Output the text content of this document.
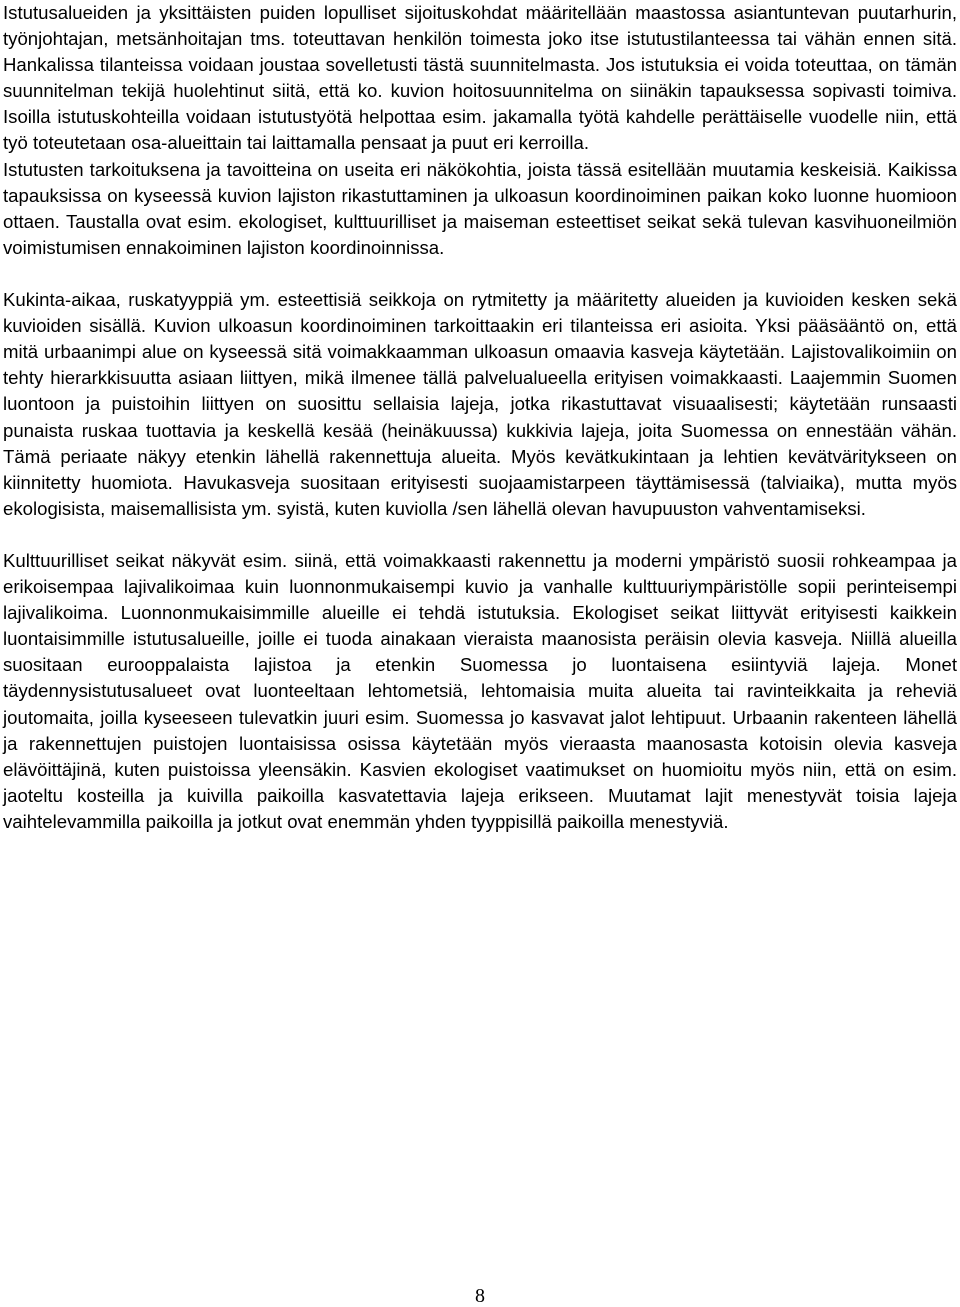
Istutusalueiden ja yksittäisten puiden lopulliset sijoituskohdat määritellään maastossa asiantuntevan puutarhurin, työnjohtajan, metsänhoitajan tms. toteuttavan henkilön toimesta joko itse istutustilanteessa tai vähän ennen sitä. Hankalissa tilanteissa voidaan joustaa sovelletusti tästä suunnitelmasta. Jos istutuksia ei voida toteuttaa, on tämän suunnitelman tekijä huolehtinut siitä, että ko. kuvion hoitosuunnitelma on siinäkin tapauksessa sopivasti toimiva. Isoilla istutuskohteilla voidaan istutustyötä helpottaa esim. jakamalla työtä kahdelle perättäiselle vuodelle niin, että työ toteutetaan osa-alueittain tai laittamalla pensaat ja puut eri kerroilla.
Istutusten tarkoituksena ja tavoitteina on useita eri näkökohtia, joista tässä esitellään muutamia keskeisiä. Kaikissa tapauksissa on kyseessä kuvion lajiston rikastuttaminen ja ulkoasun koordinoiminen paikan koko luonne huomioon ottaen. Taustalla ovat esim. ekologiset, kulttuurilliset ja maiseman esteettiset seikat sekä tulevan kasvihuoneilmiön voimistumisen ennakoiminen lajiston koordinoinnissa.

Kukinta-aikaa, ruskatyyppiä ym. esteettisiä seikkoja on rytmitetty ja määritetty alueiden ja kuvioiden kesken sekä kuvioiden sisällä. Kuvion ulkoasun koordinoiminen tarkoittaakin eri tilanteissa eri asioita. Yksi pääsääntö on, että mitä urbaanimpi alue on kyseessä sitä voimakkaamman ulkoasun omaavia kasveja käytetään. Lajistovalikoimiin on tehty hierarkkisuutta asiaan liittyen, mikä ilmenee tällä palvelualueella erityisen voimakkaasti. Laajemmin Suomen luontoon ja puistoihin liittyen on suosittu sellaisia lajeja, jotka rikastuttavat visuaalisesti; käytetään runsaasti punaista ruskaa tuottavia ja keskellä kesää (heinäkuussa) kukkivia lajeja, joita Suomessa on ennestään vähän. Tämä periaate näkyy etenkin lähellä rakennettuja alueita. Myös kevätkukintaan ja lehtien kevätväritykseen on kiinnitetty huomiota. Havukasveja suositaan erityisesti suojaamistarpeen täyttämisessä (talviaika), mutta myös ekologisista, maisemallisista ym. syistä, kuten kuviolla /sen lähellä olevan havupuuston vahventamiseksi.

Kulttuurilliset seikat näkyvät esim. siinä, että voimakkaasti rakennettu ja moderni ympäristö suosii rohkeampaa ja erikoisempaa lajivalikoimaa kuin luonnonmukaisempi kuvio ja vanhalle kulttuuriympäristölle sopii perinteisempi lajivalikoima. Luonnonmukaisimmille alueille ei tehdä istutuksia. Ekologiset seikat liittyvät erityisesti kaikkein luontaisimmille istutusalueille, joille ei tuoda ainakaan vieraista maanosista peräisin olevia kasveja. Niillä alueilla suositaan eurooppalaista lajistoa ja etenkin Suomessa jo luontaisena esiintyviä lajeja. Monet täydennysistutusalueet ovat luonteeltaan lehtometsiä, lehtomaisia muita alueita tai ravinteikkaita ja reheviä joutomaita, joilla kyseeseen tulevatkin juuri esim. Suomessa jo kasvavat jalot lehtipuut. Urbaanin rakenteen lähellä ja rakennettujen puistojen luontaisissa osissa käytetään myös vieraasta maanosasta kotoisin olevia kasveja elävöittäjinä, kuten puistoissa yleensäkin. Kasvien ekologiset vaatimukset on huomioitu myös niin, että on esim. jaoteltu kosteilla ja kuivilla paikoilla kasvatettavia lajeja erikseen. Muutamat lajit menestyvät toisia lajeja vaihtelevammilla paikoilla ja jotkut ovat enemmän yhden tyyppisillä paikoilla menestyviä.

8
